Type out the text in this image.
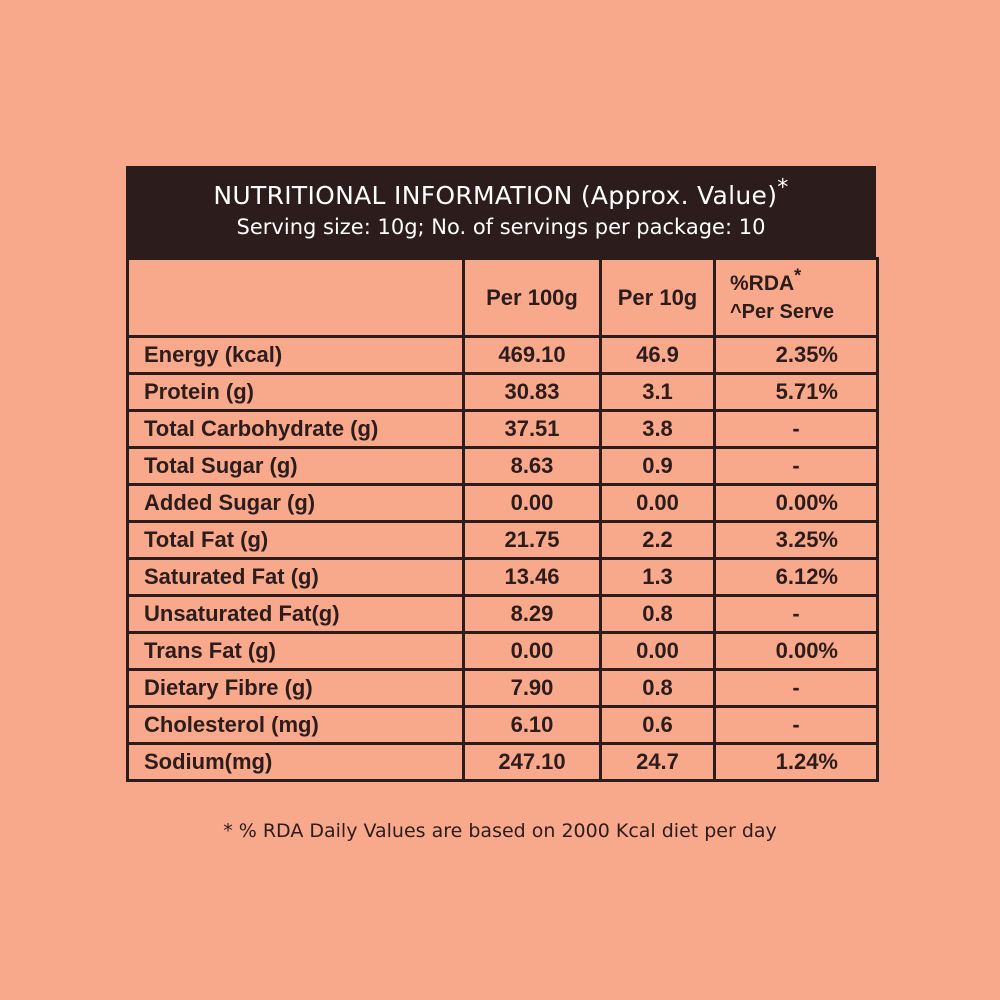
NUTRITIONAL INFORMATION (Approx. Value)*
Serving size: 10g; No. of servings per package: 10
	Per 100g	Per 10g	%RDA*
^Per Serve

Energy (kcal)	469.10	46.9	2.35%
Protein (g)	30.83	3.1	5.71%
Total Carbohydrate (g)	37.51	3.8	-
Total Sugar (g)	8.63	0.9	-
Added Sugar (g)	0.00	0.00	0.00%
Total Fat (g)	21.75	2.2	3.25%
Saturated Fat (g)	13.46	1.3	6.12%
Unsaturated Fat(g)	8.29	0.8	-
Trans Fat (g)	0.00	0.00	0.00%
Dietary Fibre (g)	7.90	0.8	-
Cholesterol (mg)	6.10	0.6	-
Sodium(mg)	247.10	24.7	1.24%
* % RDA Daily Values are based on 2000 Kcal diet per day
